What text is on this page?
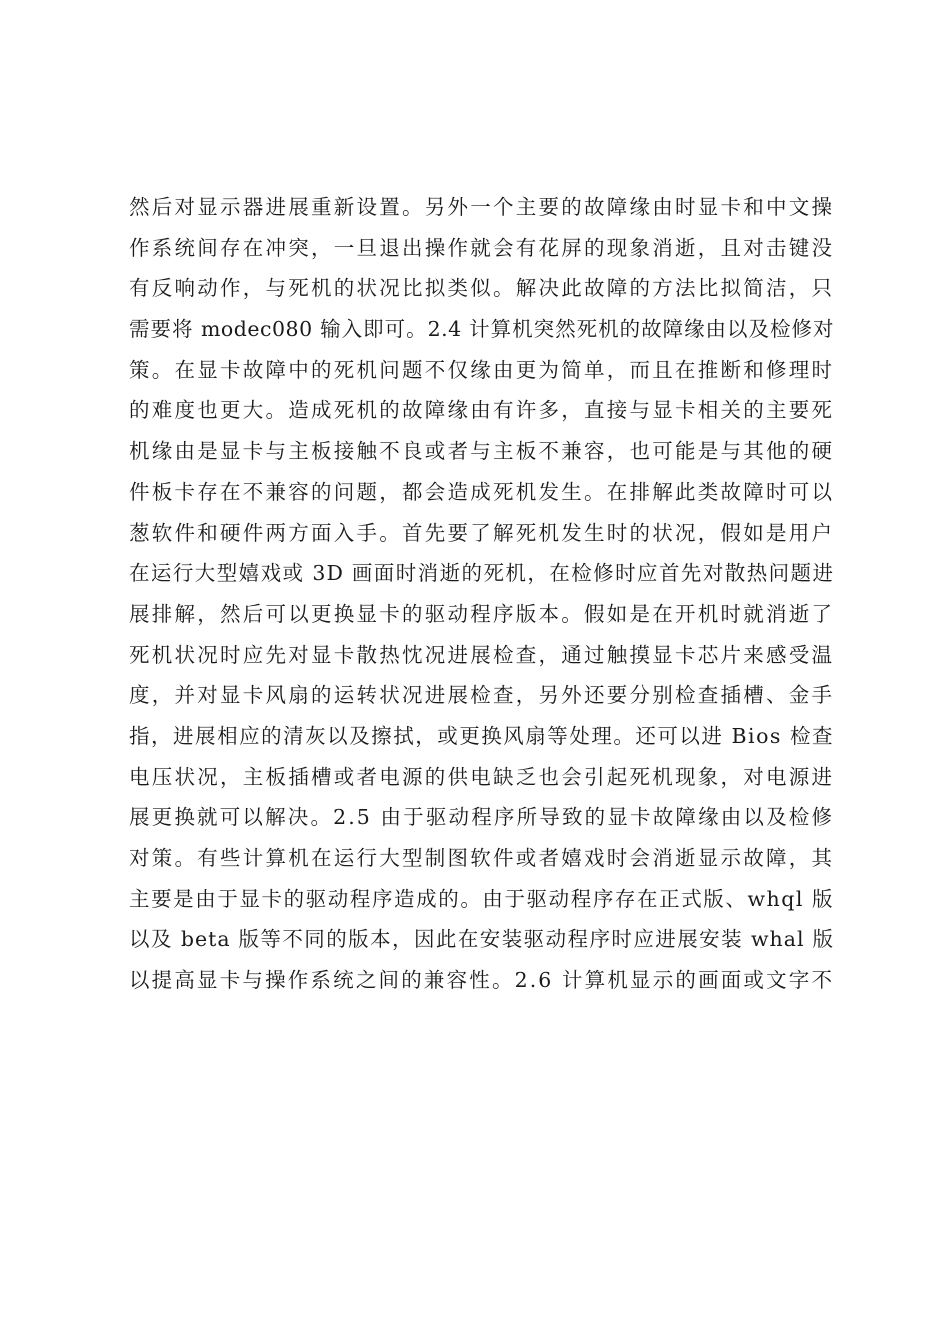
然后对显示器进展重新设置。另外一个主要的故障缘由时显卡和中文操
作系统间存在冲突，一旦退出操作就会有花屏的现象消逝，且对击键没
有反响动作，与死机的状况比拟类似。解决此故障的方法比拟简洁，只
需要将 modec080 输入即可。2.4 计算机突然死机的故障缘由以及检修对
策。在显卡故障中的死机问题不仅缘由更为简单，而且在推断和修理时
的难度也更大。造成死机的故障缘由有许多，直接与显卡相关的主要死
机缘由是显卡与主板接触不良或者与主板不兼容，也可能是与其他的硬
件板卡存在不兼容的问题，都会造成死机发生。在排解此类故障时可以
葱软件和硬件两方面入手。首先要了解死机发生时的状况，假如是用户
在运行大型嬉戏或 3D 画面时消逝的死机，在检修时应首先对散热问题进
展排解，然后可以更换显卡的驱动程序版本。假如是在开机时就消逝了
死机状况时应先对显卡散热忱况进展检查，通过触摸显卡芯片来感受温
度，并对显卡风扇的运转状况进展检查，另外还要分别检查插槽、金手
指，进展相应的清灰以及擦拭，或更换风扇等处理。还可以进 Bios 检查
电压状况，主板插槽或者电源的供电缺乏也会引起死机现象，对电源进
展更换就可以解决。2.5 由于驱动程序所导致的显卡故障缘由以及检修
对策。有些计算机在运行大型制图软件或者嬉戏时会消逝显示故障，其
主要是由于显卡的驱动程序造成的。由于驱动程序存在正式版、whql 版
以及 beta 版等不同的版本，因此在安装驱动程序时应进展安装 whal 版
以提高显卡与操作系统之间的兼容性。2.6 计算机显示的画面或文字不
